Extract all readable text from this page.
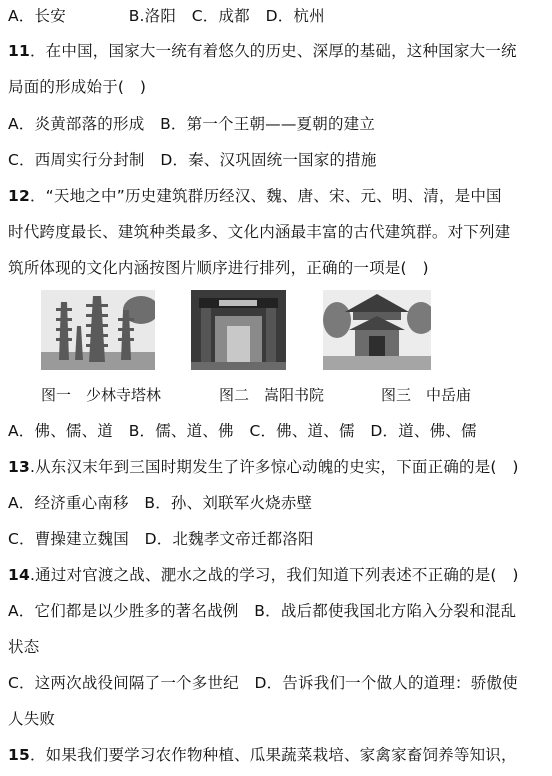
A．长安　　　　B.洛阳　C．成都　D．杭州
11．在中国，国家大一统有着悠久的历史、深厚的基础，这种国家大一统
局面的形成始于(　)
A．炎黄部落的形成　B．第一个王朝——夏朝的建立
C．西周实行分封制　D．秦、汉巩固统一国家的措施
12．“天地之中”历史建筑群历经汉、魏、唐、宋、元、明、清，是中国
时代跨度最长、建筑种类最多、文化内涵最丰富的古代建筑群。对下列建
筑所体现的文化内涵按图片顺序进行排列，正确的一项是(　)
图一　少林寺塔林	图二　嵩阳书院	图三　中岳庙
A．佛、儒、道　B．儒、道、佛　C．佛、道、儒　D．道、佛、儒
13.从东汉末年到三国时期发生了许多惊心动魄的史实，下面正确的是(　)
A．经济重心南移　B．孙、刘联军火烧赤壁
C．曹操建立魏国　D．北魏孝文帝迁都洛阳
14.通过对官渡之战、淝水之战的学习，我们知道下列表述不正确的是(　)
A．它们都是以少胜多的著名战例　B．战后都使我国北方陷入分裂和混乱
状态
C．这两次战役间隔了一个多世纪　D．告诉我们一个做人的道理：骄傲使
人失败
15．如果我们要学习农作物种植、瓜果蔬菜栽培、家禽家畜饲养等知识，
